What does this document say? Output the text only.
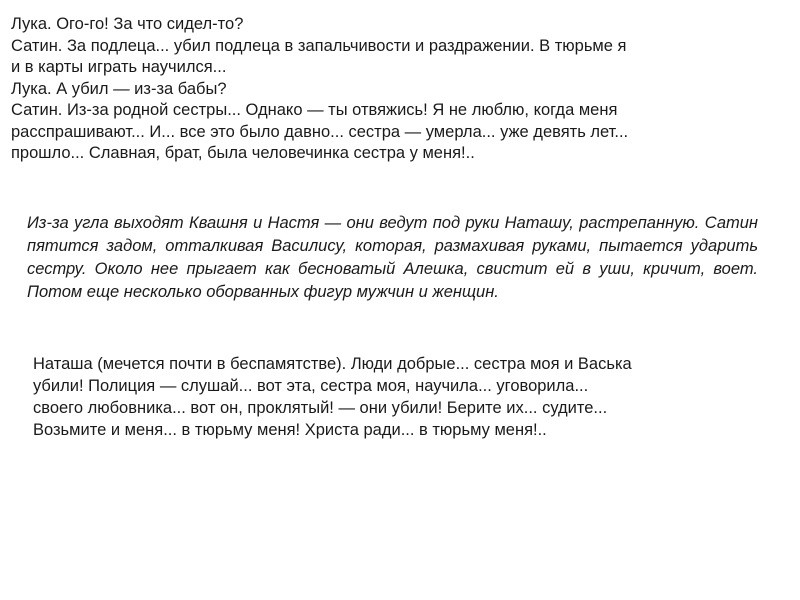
Лука. Ого-го! За что сидел-то?
Сатин. За подлеца... убил подлеца в запальчивости и раздражении. В тюрьме я
и в карты играть научился...
Лука. А убил — из-за бабы?
Сатин. Из-за родной сестры... Однако — ты отвяжись! Я не люблю, когда меня
расспрашивают... И... все это было давно... сестра — умерла... уже девять лет...
прошло... Славная, брат, была человечинка сестра у меня!..
Из-за угла выходят Квашня и Настя — они ведут под руки Наташу, растрепанную. Сатин пятится задом, отталкивая Василису, которая, размахивая руками, пытается ударить сестру. Около нее прыгает как бесноватый Алешка, свистит ей в уши, кричит, воет. Потом еще несколько оборванных фигур мужчин и женщин.
Наташа (мечется почти в беспамятстве). Люди добрые... сестра моя и Васька
убили! Полиция — слушай... вот эта, сестра моя, научила... уговорила...
своего любовника... вот он, проклятый! — они убили! Берите их... судите...
Возьмите и меня... в тюрьму меня! Христа ради... в тюрьму меня!..
